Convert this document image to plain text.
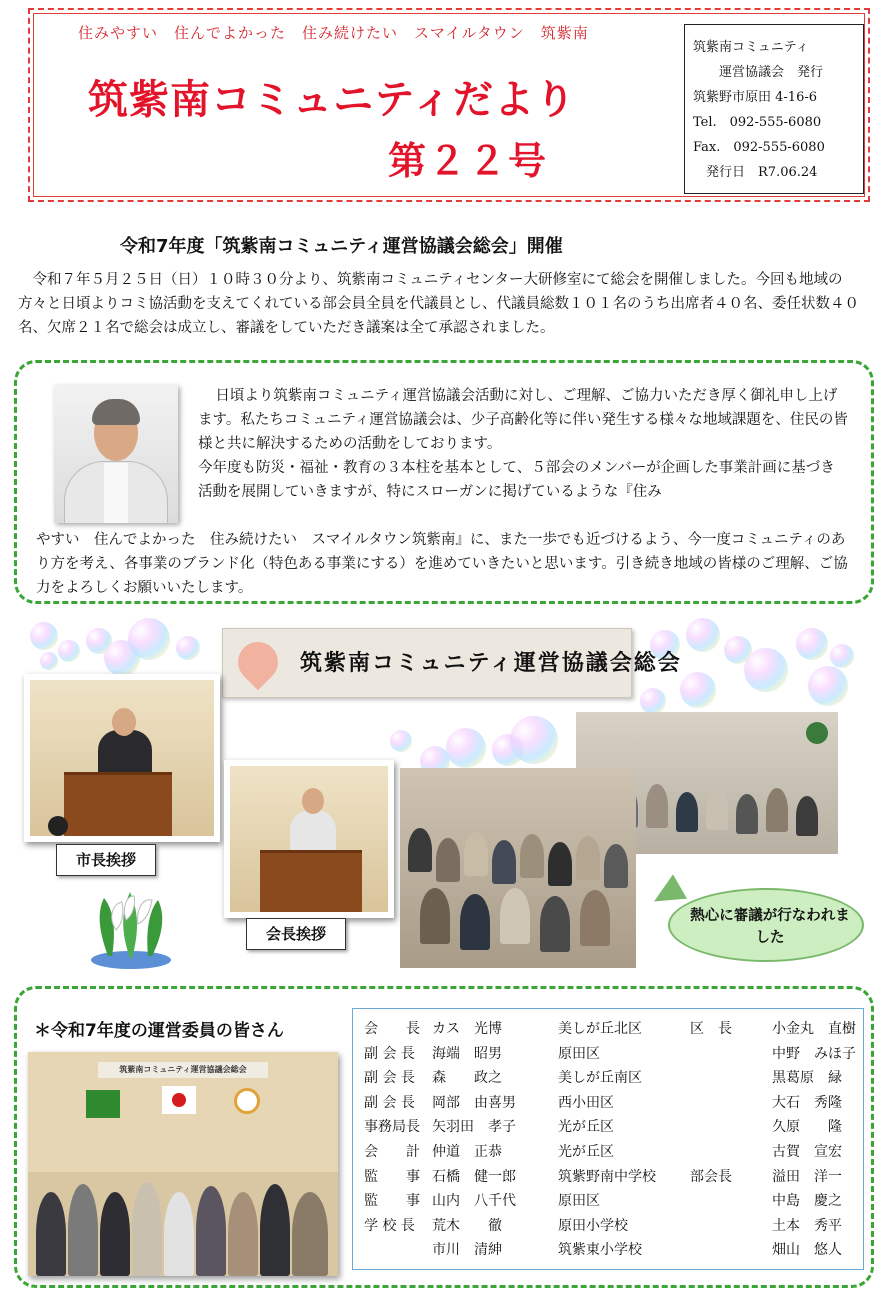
住みやすい　住んでよかった　住み続けたい　スマイルタウン　筑紫南
筑紫南コミュニティだより
第２２号
筑紫南コミュニティ
　　運営協議会　発行
筑紫野市原田 4-16-6
Tel.　092-555-6080
Fax.　092-555-6080
　発行日　R7.06.24
令和7年度「筑紫南コミュニティ運営協議会総会」開催
　令和７年５月２５日（日）１０時３０分より、筑紫南コミュニティセンター大研修室にて総会を開催しました。今回も地域の方々と日頃よりコミ協活動を支えてくれている部会員全員を代議員とし、代議員総数１０１名のうち出席者４０名、委任状数４０名、欠席２１名で総会は成立し、審議をしていただき議案は全て承認されました。
日頃より筑紫南コミュニティ運営協議会活動に対し、ご理解、ご協力いただき厚く御礼申し上げます。私たちコミュニティ運営協議会は、少子高齢化等に伴い発生する様々な地域課題を、住民の皆様と共に解決するための活動をしております。
今年度も防災・福祉・教育の３本柱を基本として、５部会のメンバーが企画した事業計画に基づき活動を展開していきますが、特にスローガンに掲げているような『住み
やすい　住んでよかった　住み続けたい　スマイルタウン筑紫南』に、また一歩でも近づけるよう、今一度コミュニティのあり方を考え、各事業のブランド化（特色ある事業にする）を進めていきたいと思います。引き続き地域の皆様のご理解、ご協力をよろしくお願いいたします。
筑紫南コミュニティ運営協議会総会
市長挨拶
会長挨拶
熱心に審議が行なわれました
＊令和7年度の運営委員の皆さん
筑紫南コミュニティ運営協議会総会
会　　長 カス　光博	美しが丘北区	区　長	小金丸　直樹
副 会 長	海端　昭男	原田区	中野　みほ子
副 会 長	森　　政之	美しが丘南区	黒葛原　緑
副 会 長	岡部　由喜男	西小田区	大石　秀隆
事務局長 矢羽田　孝子	光が丘区	久原　　隆
会　　計 仲道　正恭	光が丘区	古賀　宣宏
監　　事 石橋　健一郎	筑紫野南中学校	部会長	溢田　洋一
監　　事 山内　八千代	原田区	中島　慶之
学 校 長	荒木　　徹	原田小学校	土本　秀平
市川　清紳	筑紫東小学校	畑山　悠人
